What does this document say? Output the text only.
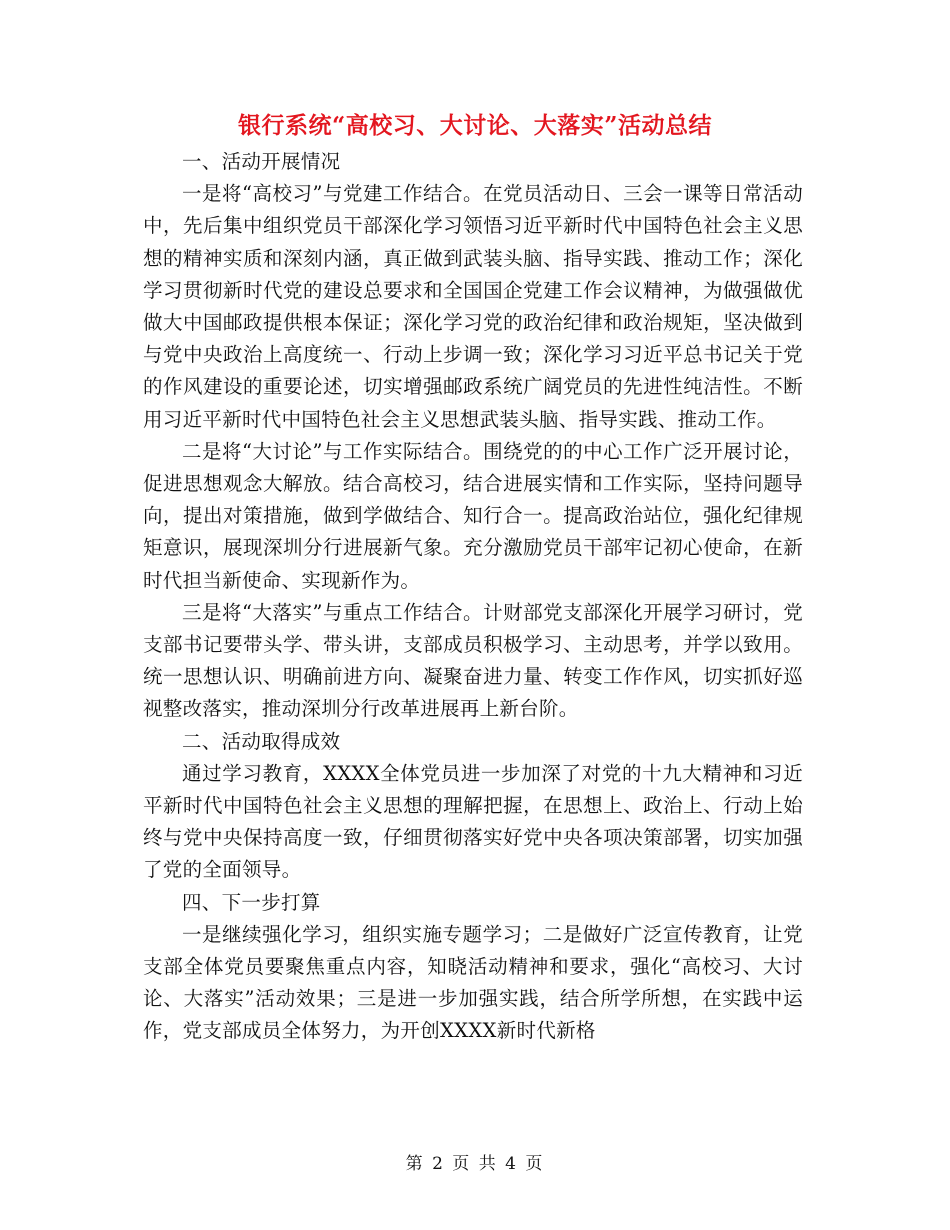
银行系统“高校习、大讨论、大落实”活动总结

一、活动开展情况

一是将“高校习”与党建工作结合。在党员活动日、三会一课等日常活动中，先后集中组织党员干部深化学习领悟习近平新时代中国特色社会主义思想的精神实质和深刻内涵，真正做到武装头脑、指导实践、推动工作；深化学习贯彻新时代党的建设总要求和全国国企党建工作会议精神，为做强做优做大中国邮政提供根本保证；深化学习党的政治纪律和政治规矩，坚决做到与党中央政治上高度统一、行动上步调一致；深化学习习近平总书记关于党的作风建设的重要论述，切实增强邮政系统广阔党员的先进性纯洁性。不断用习近平新时代中国特色社会主义思想武装头脑、指导实践、推动工作。

二是将“大讨论”与工作实际结合。围绕党的的中心工作广泛开展讨论，促进思想观念大解放。结合高校习，结合进展实情和工作实际，坚持问题导向，提出对策措施，做到学做结合、知行合一。提高政治站位，强化纪律规矩意识，展现深圳分行进展新气象。充分激励党员干部牢记初心使命，在新时代担当新使命、实现新作为。

三是将“大落实”与重点工作结合。计财部党支部深化开展学习研讨，党支部书记要带头学、带头讲，支部成员积极学习、主动思考，并学以致用。统一思想认识、明确前进方向、凝聚奋进力量、转变工作作风，切实抓好巡视整改落实，推动深圳分行改革进展再上新台阶。

二、活动取得成效

通过学习教育，XXXX全体党员进一步加深了对党的十九大精神和习近平新时代中国特色社会主义思想的理解把握，在思想上、政治上、行动上始终与党中央保持高度一致，仔细贯彻落实好党中央各项决策部署，切实加强了党的全面领导。

四、下一步打算

一是继续强化学习，组织实施专题学习；二是做好广泛宣传教育，让党支部全体党员要聚焦重点内容，知晓活动精神和要求，强化“高校习、大讨论、大落实”活动效果；三是进一步加强实践，结合所学所想，在实践中运作，党支部成员全体努力，为开创XXXX新时代新格

第 2 页 共 4 页
